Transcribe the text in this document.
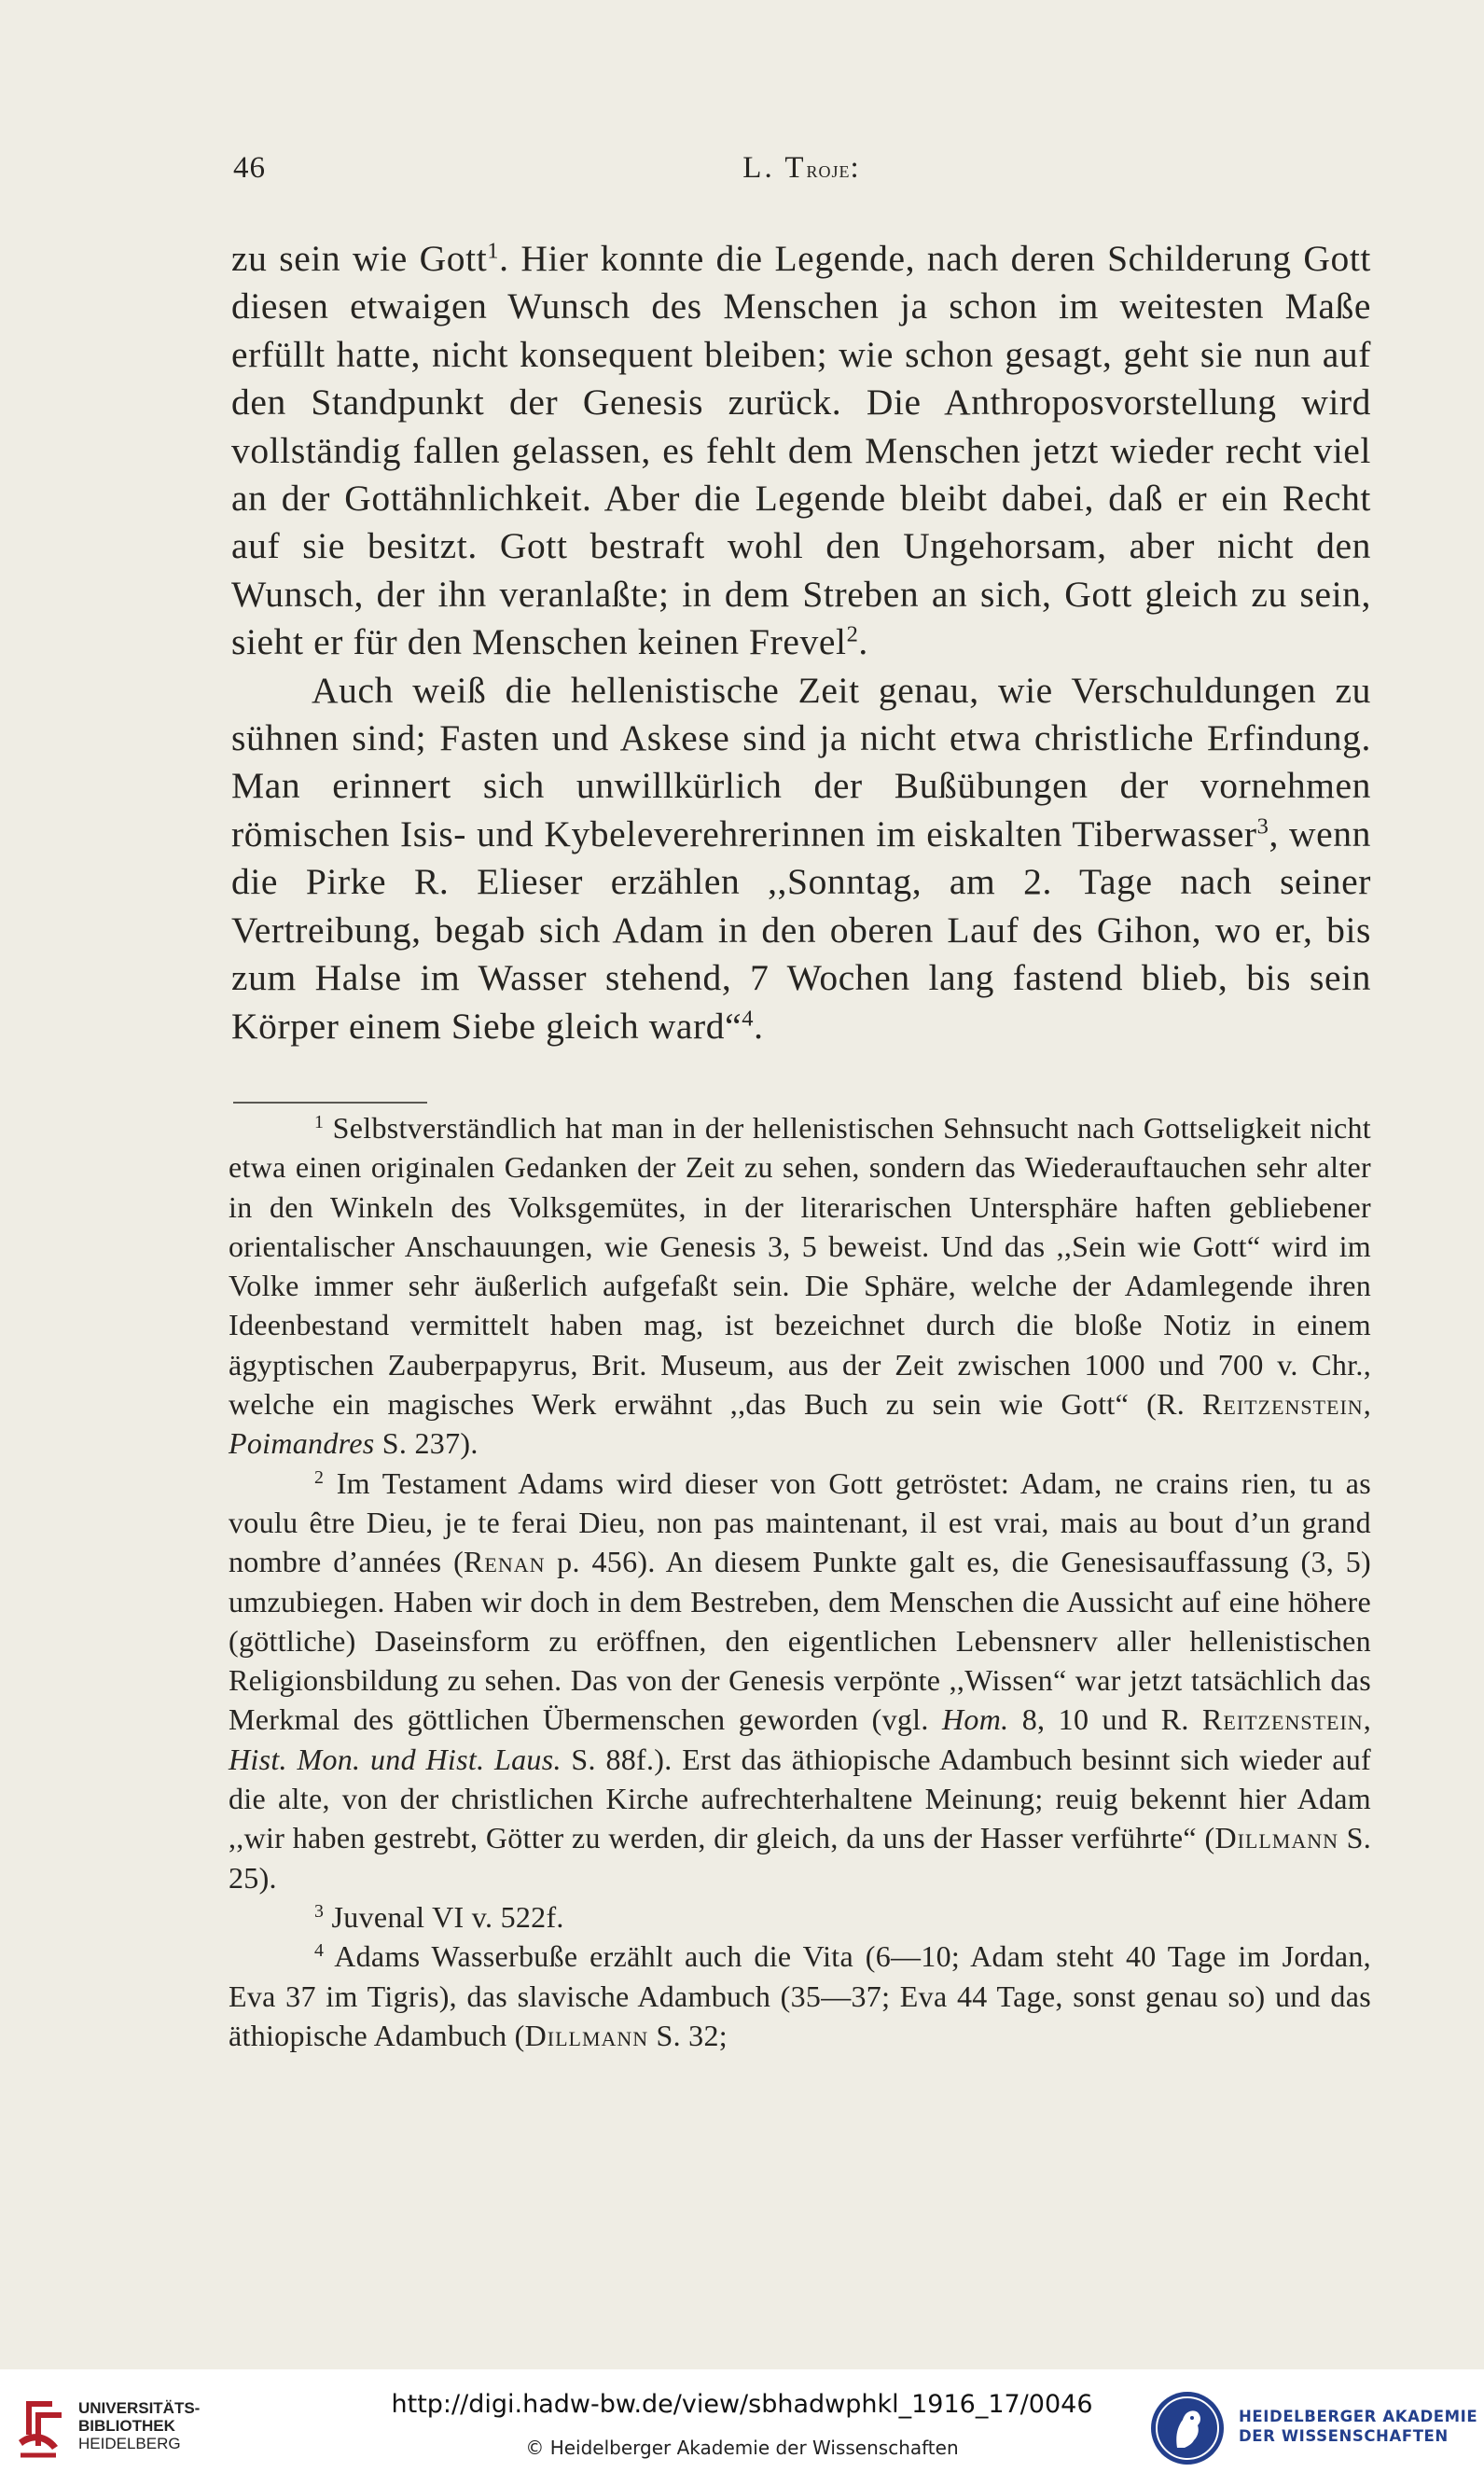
46	L. Troje:

zu sein wie Gott$^1$. Hier konnte die Legende, nach deren Schilderung Gott diesen etwaigen Wunsch des Menschen ja schon im weitesten Maße erfüllt hatte, nicht konsequent bleiben; wie schon gesagt, geht sie nun auf den Standpunkt der Genesis zurück. Die Anthroposvorstellung wird vollständig fallen gelassen, es fehlt dem Menschen jetzt wieder recht viel an der Gottähnlichkeit. Aber die Legende bleibt dabei, daß er ein Recht auf sie besitzt. Gott bestraft wohl den Ungehorsam, aber nicht den Wunsch, der ihn veranlaßte; in dem Streben an sich, Gott gleich zu sein, sieht er für den Menschen keinen Frevel$^2$.

Auch weiß die hellenistische Zeit genau, wie Verschuldungen zu sühnen sind; Fasten und Askese sind ja nicht etwa christliche Erfindung. Man erinnert sich unwillkürlich der Bußübungen der vornehmen römischen Isis- und Kybeleverehrerinnen im eiskalten Tiberwasser$^3$, wenn die Pirke R. Elieser erzählen ,,Sonntag, am 2. Tage nach seiner Vertreibung, begab sich Adam in den oberen Lauf des Gihon, wo er, bis zum Halse im Wasser stehend, 7 Wochen lang fastend blieb, bis sein Körper einem Siebe gleich ward“$^4$.

$^1$ Selbstverständlich hat man in der hellenistischen Sehnsucht nach Gottseligkeit nicht etwa einen originalen Gedanken der Zeit zu sehen, sondern das Wiederauftauchen sehr alter in den Winkeln des Volksgemütes, in der literarischen Untersphäre haften gebliebener orientalischer Anschauungen, wie Genesis 3, 5 beweist. Und das ,,Sein wie Gott“ wird im Volke immer sehr äußerlich aufgefaßt sein. Die Sphäre, welche der Adamlegende ihren Ideenbestand vermittelt haben mag, ist bezeichnet durch die bloße Notiz in einem ägyptischen Zauberpapyrus, Brit. Museum, aus der Zeit zwischen 1000 und 700 v. Chr., welche ein magisches Werk erwähnt ,,das Buch zu sein wie Gott“ (R. Reitzenstein, Poimandres S. 237).

$^2$ Im Testament Adams wird dieser von Gott getröstet: Adam, ne crains rien, tu as voulu être Dieu, je te ferai Dieu, non pas maintenant, il est vrai, mais au bout d’un grand nombre d’années (Renan p. 456). An diesem Punkte galt es, die Genesisauffassung (3, 5) umzubiegen. Haben wir doch in dem Bestreben, dem Menschen die Aussicht auf eine höhere (göttliche) Daseinsform zu eröffnen, den eigentlichen Lebensnerv aller hellenistischen Religionsbildung zu sehen. Das von der Genesis verpönte ,,Wissen“ war jetzt tatsächlich das Merkmal des göttlichen Übermenschen geworden (vgl. Hom. 8, 10 und R. Reitzenstein, Hist. Mon. und Hist. Laus. S. 88f.). Erst das äthiopische Adambuch besinnt sich wieder auf die alte, von der christlichen Kirche aufrechterhaltene Meinung; reuig bekennt hier Adam ,,wir haben gestrebt, Götter zu werden, dir gleich, da uns der Hasser verführte“ (Dillmann S. 25).

$^3$ Juvenal VI v. 522f.

$^4$ Adams Wasserbuße erzählt auch die Vita (6—10; Adam steht 40 Tage im Jordan, Eva 37 im Tigris), das slavische Adambuch (35—37; Eva 44 Tage, sonst genau so) und das äthiopische Adambuch (Dillmann S. 32;

UNIVERSITÄTS-
BIBLIOTHEK
HEIDELBERG
http://digi.hadw-bw.de/view/sbhadwphkl_1916_17/0046
© Heidelberger Akademie der Wissenschaften
HEIDELBERGER AKADEMIE
DER WISSENSCHAFTEN
